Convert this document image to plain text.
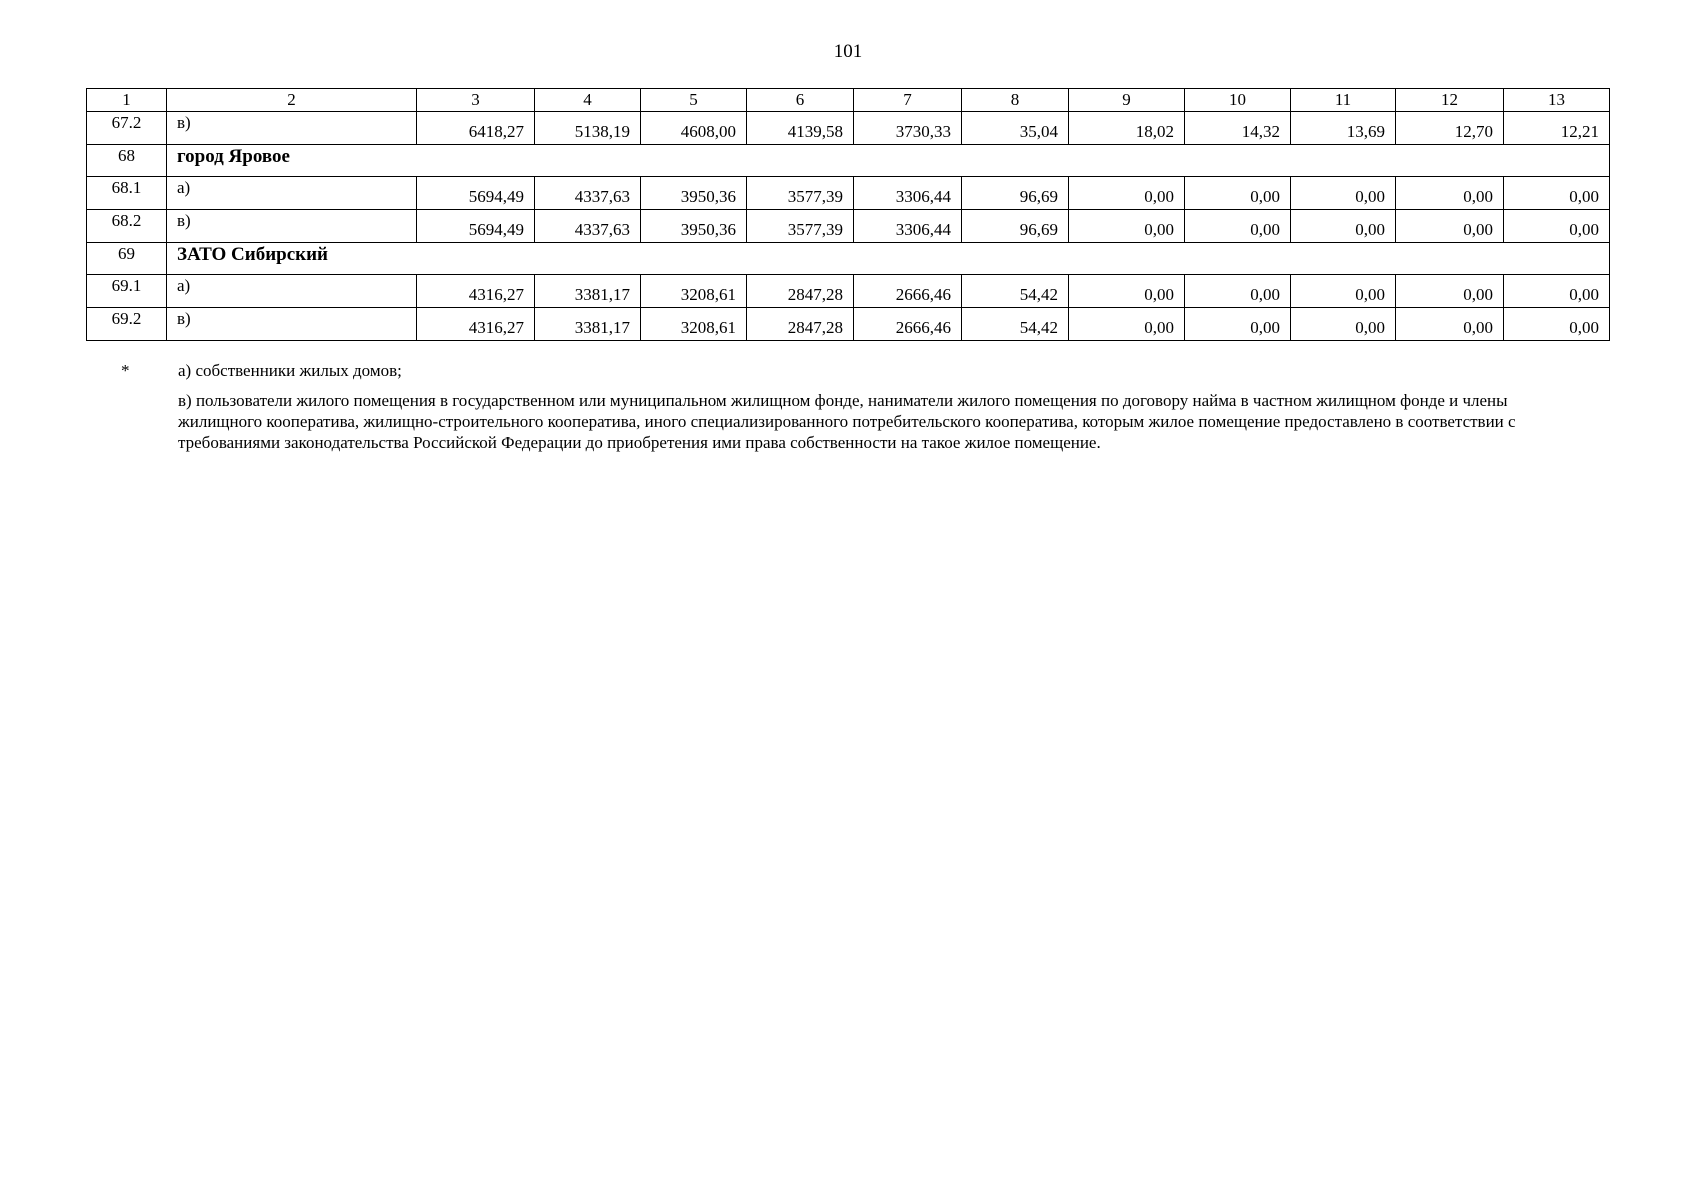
101
1	2	3	4	5	6	7	8	9	10	11	12	13
67.2	в)	6418,27	5138,19	4608,00	4139,58	3730,33	35,04	18,02	14,32	13,69	12,70	12,21
68	город Яровое											
68.1	а)	5694,49	4337,63	3950,36	3577,39	3306,44	96,69	0,00	0,00	0,00	0,00	0,00
68.2	в)	5694,49	4337,63	3950,36	3577,39	3306,44	96,69	0,00	0,00	0,00	0,00	0,00
69	ЗАТО Сибирский											
69.1	а)	4316,27	3381,17	3208,61	2847,28	2666,46	54,42	0,00	0,00	0,00	0,00	0,00
69.2	в)	4316,27	3381,17	3208,61	2847,28	2666,46	54,42	0,00	0,00	0,00	0,00	0,00
*	а) собственники жилых домов;
в) пользователи жилого помещения в государственном или муниципальном жилищном фонде, наниматели жилого помещения по договору найма в частном жилищном фонде и члены жилищного кооператива, жилищно-строительного кооператива, иного специализированного потребительского кооператива, которым жилое помещение предоставлено в соответствии с требованиями законодательства Российской Федерации до приобретения ими права собственности на такое жилое помещение.
